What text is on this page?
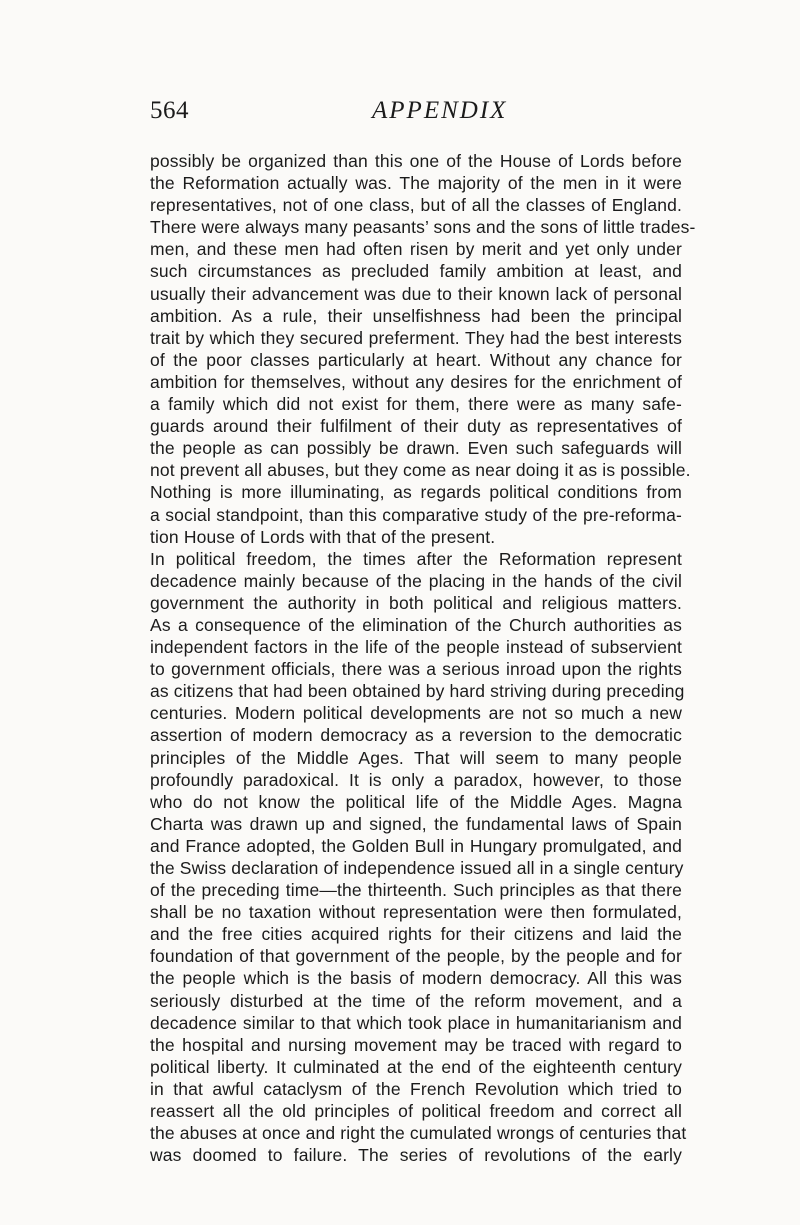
564	APPENDIX
possibly be organized than this one of the House of Lords before
the Reformation actually was. The majority of the men in it were
representatives, not of one class, but of all the classes of England.
There were always many peasants’ sons and the sons of little trades-
men, and these men had often risen by merit and yet only under
such circumstances as precluded family ambition at least, and
usually their advancement was due to their known lack of personal
ambition. As a rule, their unselfishness had been the principal
trait by which they secured preferment. They had the best interests
of the poor classes particularly at heart. Without any chance for
ambition for themselves, without any desires for the enrichment of
a family which did not exist for them, there were as many safe-
guards around their fulfilment of their duty as representatives of
the people as can possibly be drawn. Even such safeguards will
not prevent all abuses, but they come as near doing it as is possible.
Nothing is more illuminating, as regards political conditions from
a social standpoint, than this comparative study of the pre-reforma-
tion House of Lords with that of the present.
In political freedom, the times after the Reformation represent
decadence mainly because of the placing in the hands of the civil
government the authority in both political and religious matters.
As a consequence of the elimination of the Church authorities as
independent factors in the life of the people instead of subservient
to government officials, there was a serious inroad upon the rights
as citizens that had been obtained by hard striving during preceding
centuries. Modern political developments are not so much a new
assertion of modern democracy as a reversion to the democratic
principles of the Middle Ages. That will seem to many people
profoundly paradoxical. It is only a paradox, however, to those
who do not know the political life of the Middle Ages. Magna
Charta was drawn up and signed, the fundamental laws of Spain
and France adopted, the Golden Bull in Hungary promulgated, and
the Swiss declaration of independence issued all in a single century
of the preceding time—the thirteenth. Such principles as that there
shall be no taxation without representation were then formulated,
and the free cities acquired rights for their citizens and laid the
foundation of that government of the people, by the people and for
the people which is the basis of modern democracy. All this was
seriously disturbed at the time of the reform movement, and a
decadence similar to that which took place in humanitarianism and
the hospital and nursing movement may be traced with regard to
political liberty. It culminated at the end of the eighteenth century
in that awful cataclysm of the French Revolution which tried to
reassert all the old principles of political freedom and correct all
the abuses at once and right the cumulated wrongs of centuries that
was doomed to failure. The series of revolutions of the early
